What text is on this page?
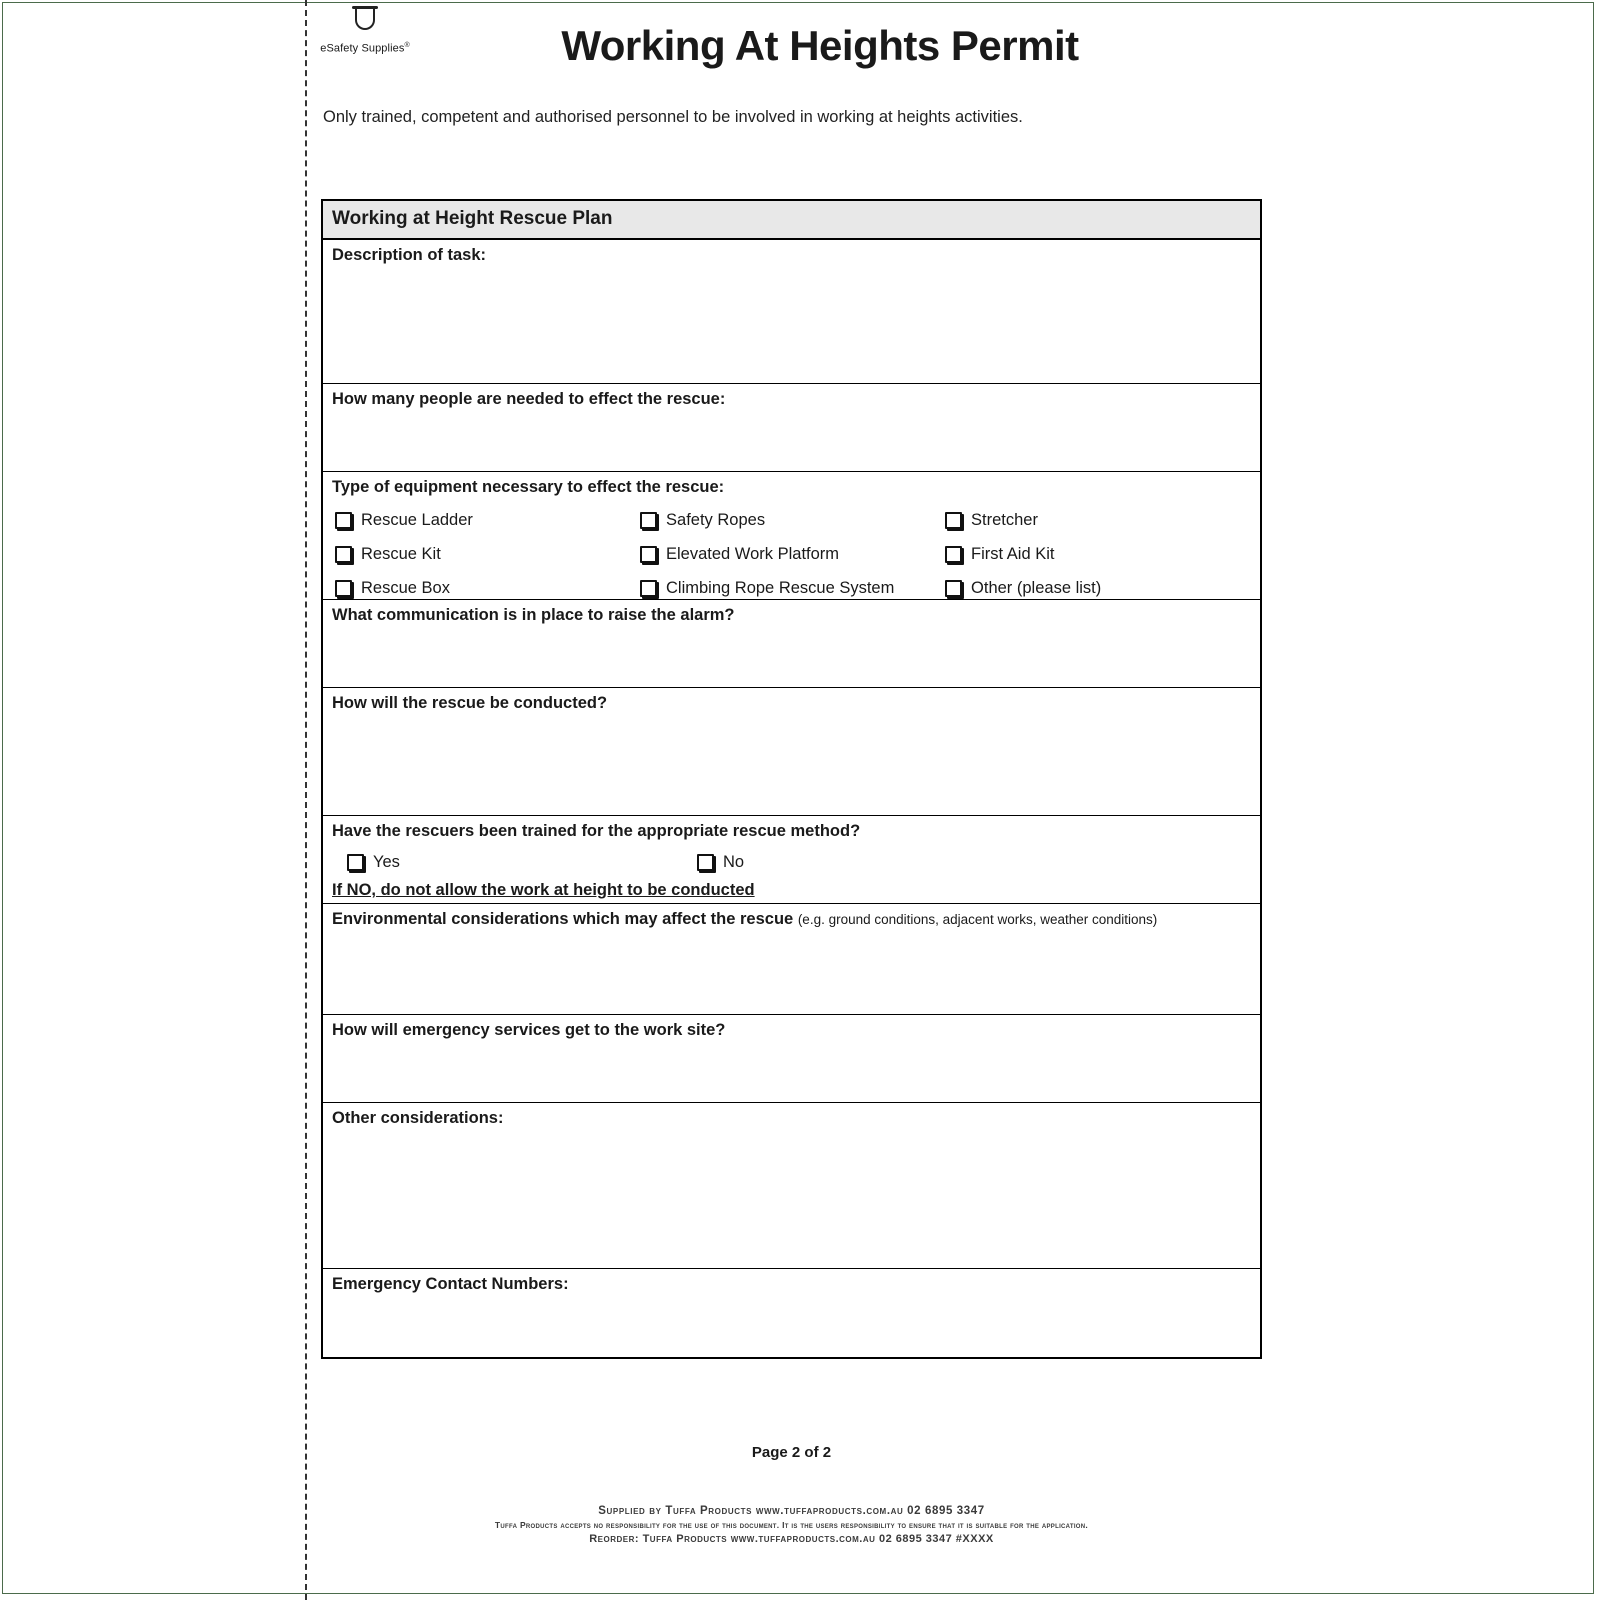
eSafety Supplies®	Working At Heights Permit
Only trained, competent and authorised personnel to be involved in working at heights activities.
Working at Height Rescue Plan
Description of task:
How many people are needed to effect the rescue:
Type of equipment necessary to effect the rescue:
Rescue Ladder	Safety Ropes	Stretcher
Rescue Kit	Elevated Work Platform	First Aid Kit
Rescue Box	Climbing Rope Rescue System	Other (please list)
What communication is in place to raise the alarm?
How will the rescue be conducted?
Have the rescuers been trained for the appropriate rescue method?
Yes	No
If NO, do not allow the work at height to be conducted
Environmental considerations which may affect the rescue (e.g. ground conditions, adjacent works, weather conditions)
How will emergency services get to the work site?
Other considerations:
Emergency Contact Numbers:
Page 2 of 2
Supplied by Tuffa Products www.tuffaproducts.com.au 02 6895 3347
Tuffa Products accepts no responsibility for the use of this document. It is the users responsibility to ensure that it is suitable for the application.
Reorder: Tuffa Products www.tuffaproducts.com.au 02 6895 3347 #XXXX
